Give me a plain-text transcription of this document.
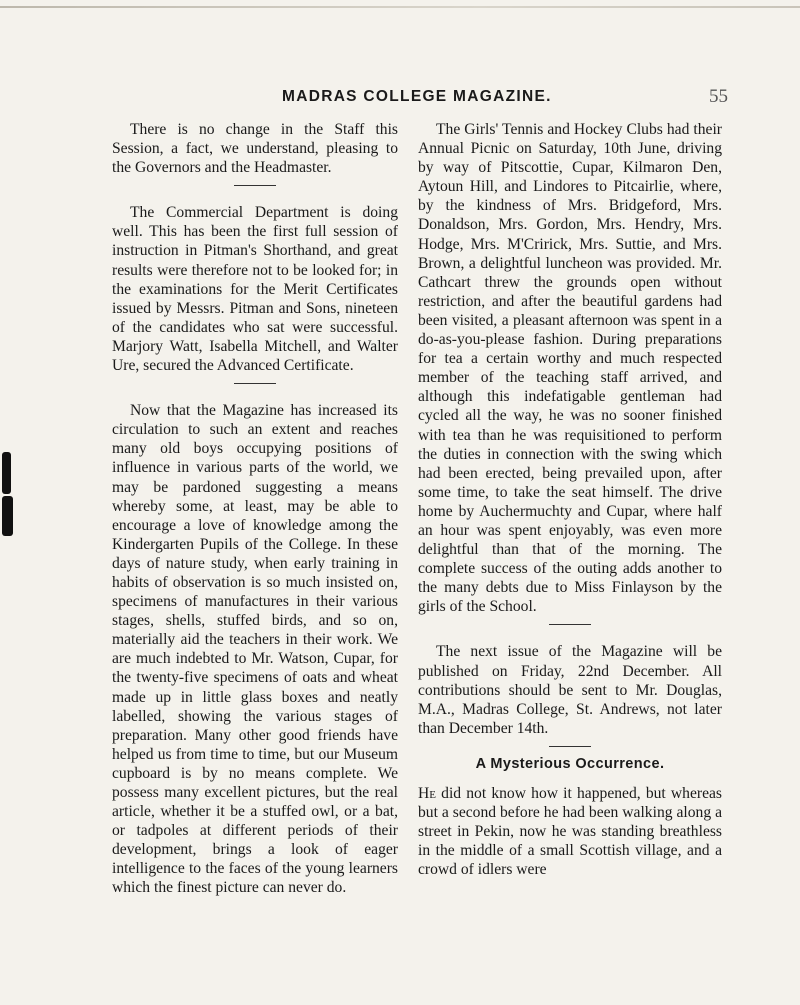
MADRAS COLLEGE MAGAZINE.	55

There is no change in the Staff this Session, a fact, we understand, pleasing to the Governors and the Headmaster.

The Commercial Department is doing well. This has been the first full session of instruction in Pitman's Shorthand, and great results were therefore not to be looked for; in the examinations for the Merit Certificates issued by Messrs. Pitman and Sons, nineteen of the candidates who sat were successful. Marjory Watt, Isabella Mitchell, and Walter Ure, secured the Advanced Certificate.

Now that the Magazine has increased its circulation to such an extent and reaches many old boys occupying positions of influence in various parts of the world, we may be pardoned suggesting a means whereby some, at least, may be able to encourage a love of knowledge among the Kindergarten Pupils of the College. In these days of nature study, when early training in habits of observation is so much insisted on, specimens of manufactures in their various stages, shells, stuffed birds, and so on, materially aid the teachers in their work. We are much indebted to Mr. Watson, Cupar, for the twenty-five specimens of oats and wheat made up in little glass boxes and neatly labelled, showing the various stages of preparation. Many other good friends have helped us from time to time, but our Museum cupboard is by no means complete. We possess many excellent pictures, but the real article, whether it be a stuffed owl, or a bat, or tadpoles at different periods of their development, brings a look of eager intelligence to the faces of the young learners which the finest picture can never do.

The Girls' Tennis and Hockey Clubs had their Annual Picnic on Saturday, 10th June, driving by way of Pitscottie, Cupar, Kilmaron Den, Aytoun Hill, and Lindores to Pitcairlie, where, by the kindness of Mrs. Bridgeford, Mrs. Donaldson, Mrs. Gordon, Mrs. Hendry, Mrs. Hodge, Mrs. M'Cririck, Mrs. Suttie, and Mrs. Brown, a delightful luncheon was provided. Mr. Cathcart threw the grounds open without restriction, and after the beautiful gardens had been visited, a pleasant afternoon was spent in a do-as-you-please fashion. During preparations for tea a certain worthy and much respected member of the teaching staff arrived, and although this indefatigable gentleman had cycled all the way, he was no sooner finished with tea than he was requisitioned to perform the duties in connection with the swing which had been erected, being prevailed upon, after some time, to take the seat himself. The drive home by Auchermuchty and Cupar, where half an hour was spent enjoyably, was even more delightful than that of the morning. The complete success of the outing adds another to the many debts due to Miss Finlayson by the girls of the School.

The next issue of the Magazine will be published on Friday, 22nd December. All contributions should be sent to Mr. Douglas, M.A., Madras College, St. Andrews, not later than December 14th.

A Mysterious Occurrence.

He did not know how it happened, but whereas but a second before he had been walking along a street in Pekin, now he was standing breathless in the middle of a small Scottish village, and a crowd of idlers were
